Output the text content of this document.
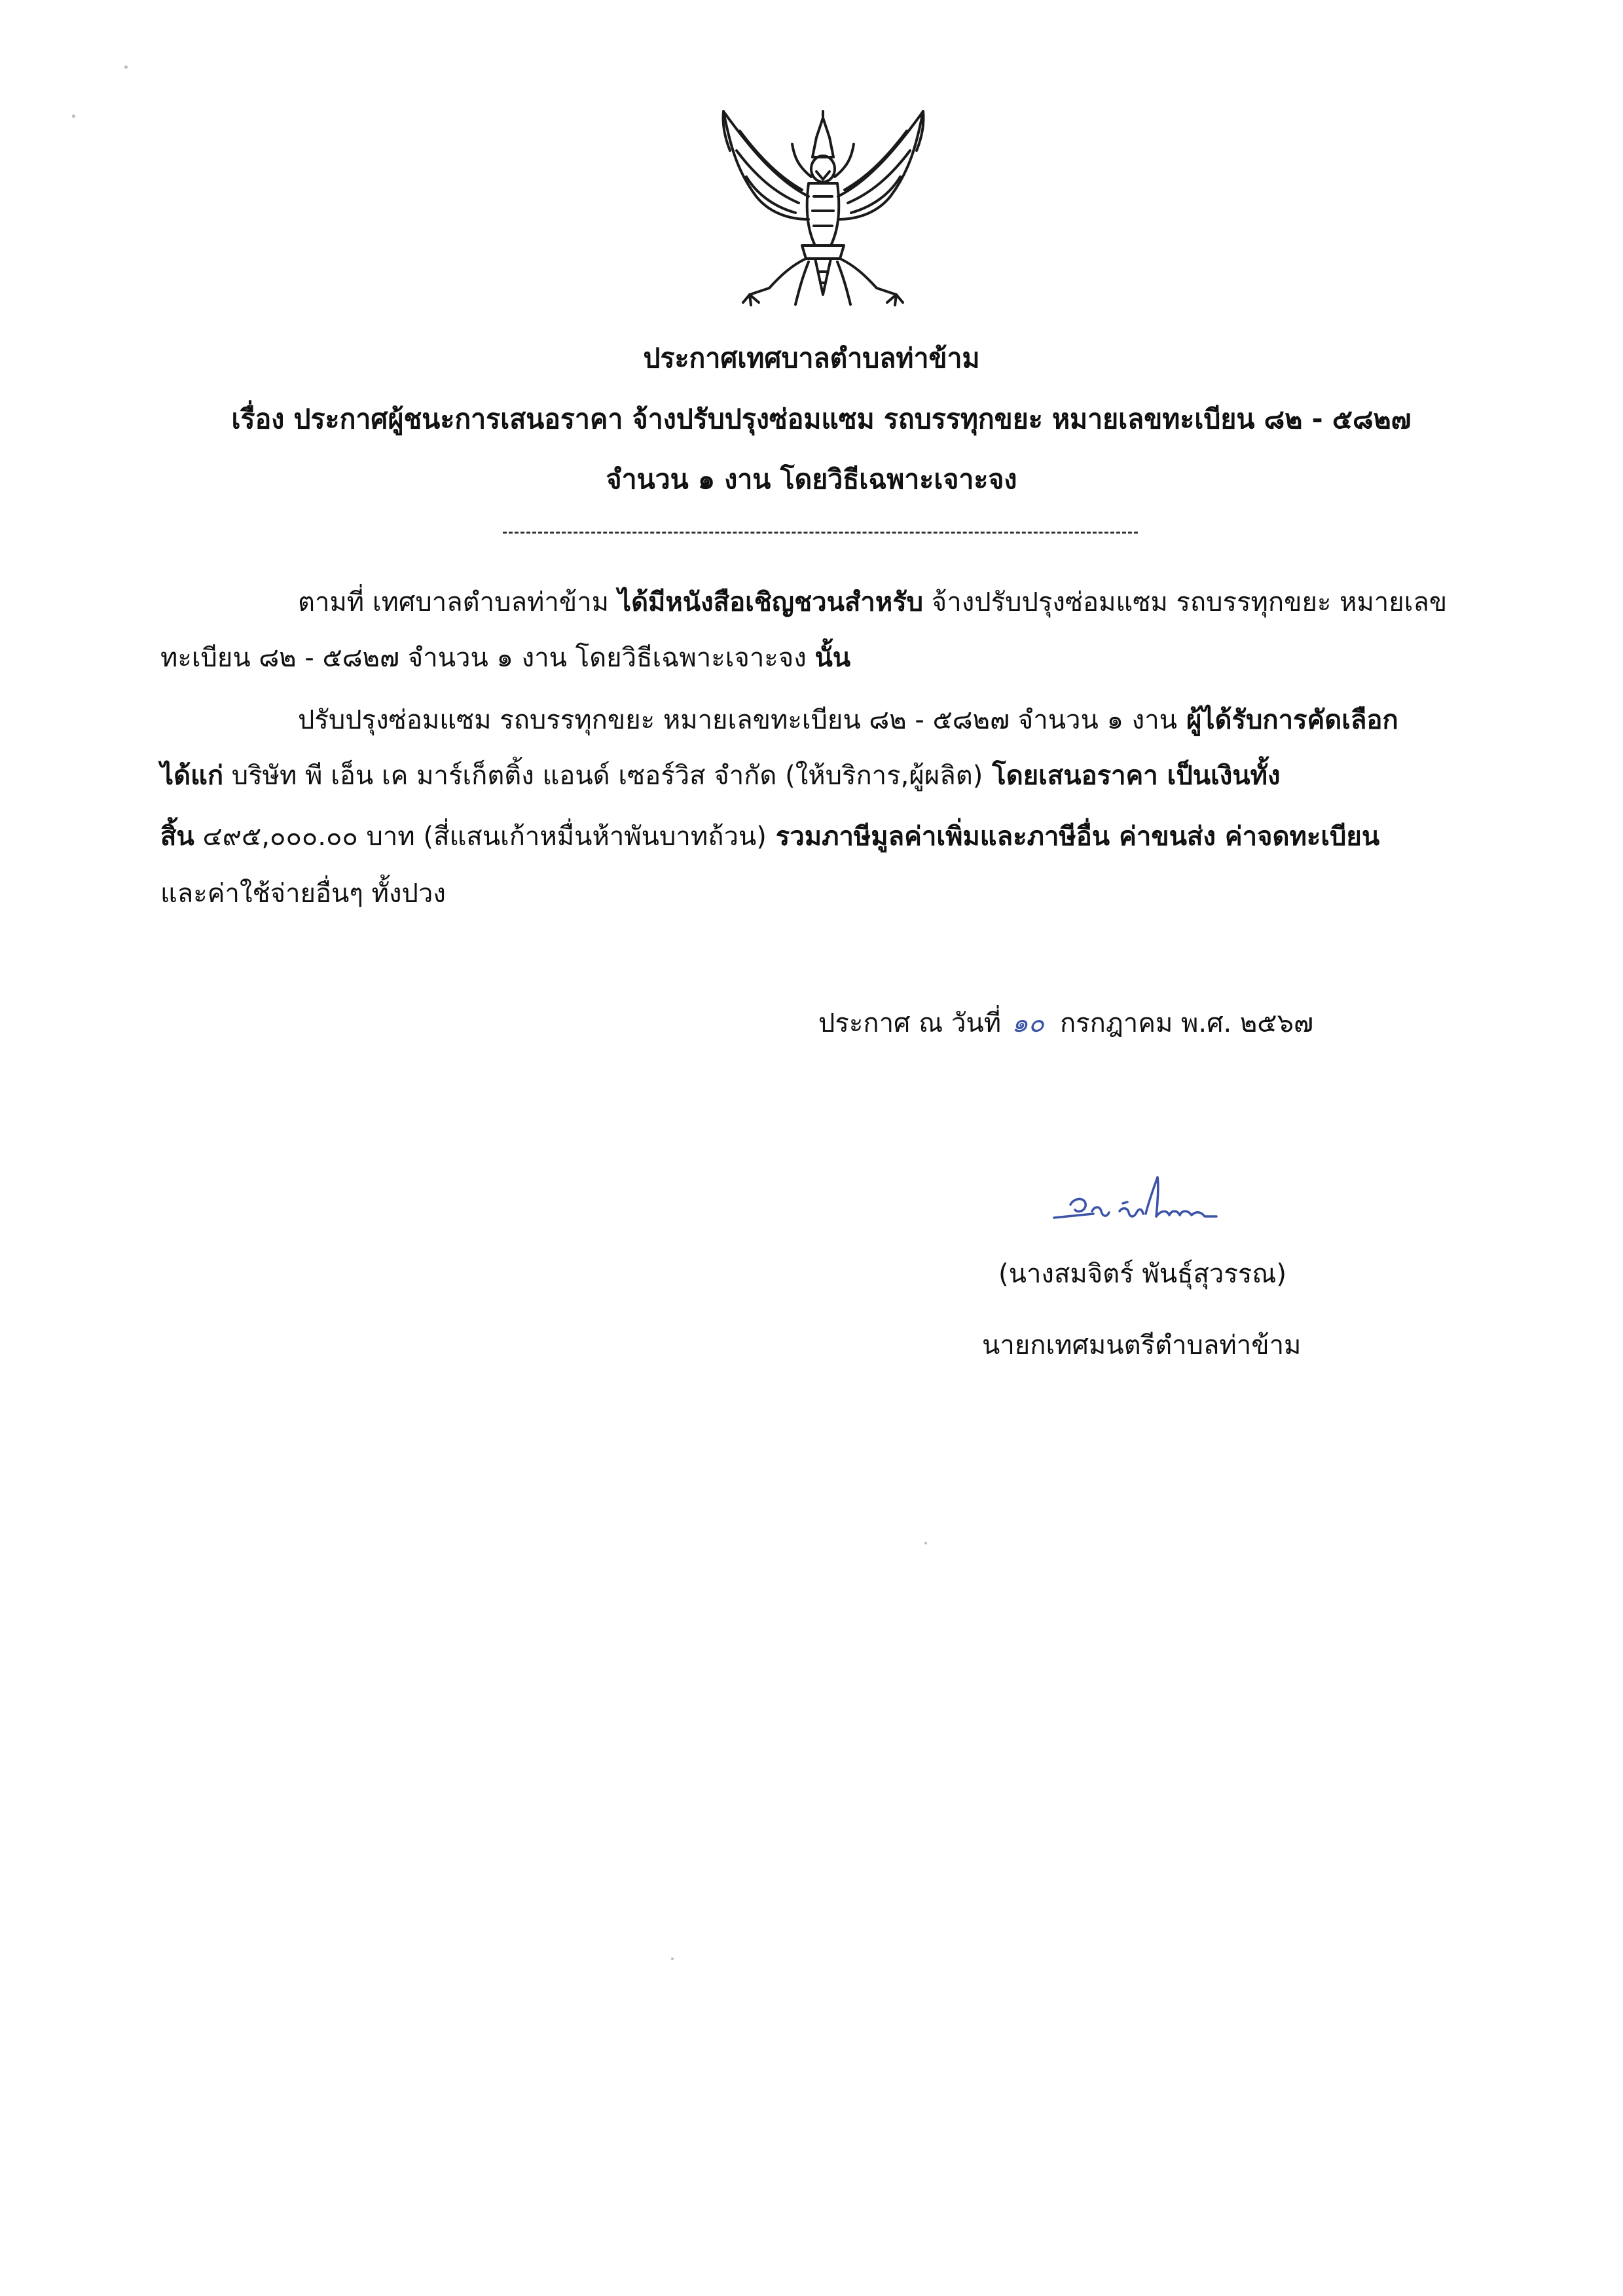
ประกาศเทศบาลตำบลท่าข้าม
เรื่อง ประกาศผู้ชนะการเสนอราคา จ้างปรับปรุงซ่อมแซม รถบรรทุกขยะ หมายเลขทะเบียน ๘๒ - ๕๘๒๗
จำนวน ๑ งาน โดยวิธีเฉพาะเจาะจง
ตามที่ เทศบาลตำบลท่าข้าม ได้มีหนังสือเชิญชวนสำหรับ จ้างปรับปรุงซ่อมแซม รถบรรทุกขยะ หมายเลข
ทะเบียน ๘๒ - ๕๘๒๗ จำนวน ๑ งาน โดยวิธีเฉพาะเจาะจง นั้น
ปรับปรุงซ่อมแซม รถบรรทุกขยะ หมายเลขทะเบียน ๘๒ - ๕๘๒๗ จำนวน ๑ งาน ผู้ได้รับการคัดเลือก
ได้แก่ บริษัท พี เอ็น เค มาร์เก็ตติ้ง แอนด์ เซอร์วิส จำกัด (ให้บริการ,ผู้ผลิต) โดยเสนอราคา เป็นเงินทั้ง
สิ้น ๔๙๕,๐๐๐.๐๐ บาท (สี่แสนเก้าหมื่นห้าพันบาทถ้วน) รวมภาษีมูลค่าเพิ่มและภาษีอื่น ค่าขนส่ง ค่าจดทะเบียน
และค่าใช้จ่ายอื่นๆ ทั้งปวง
ประกาศ ณ วันที่ ๑๐ กรกฎาคม พ.ศ. ๒๕๖๗
(นางสมจิตร์ พันธุ์สุวรรณ)
นายกเทศมนตรีตำบลท่าข้าม
